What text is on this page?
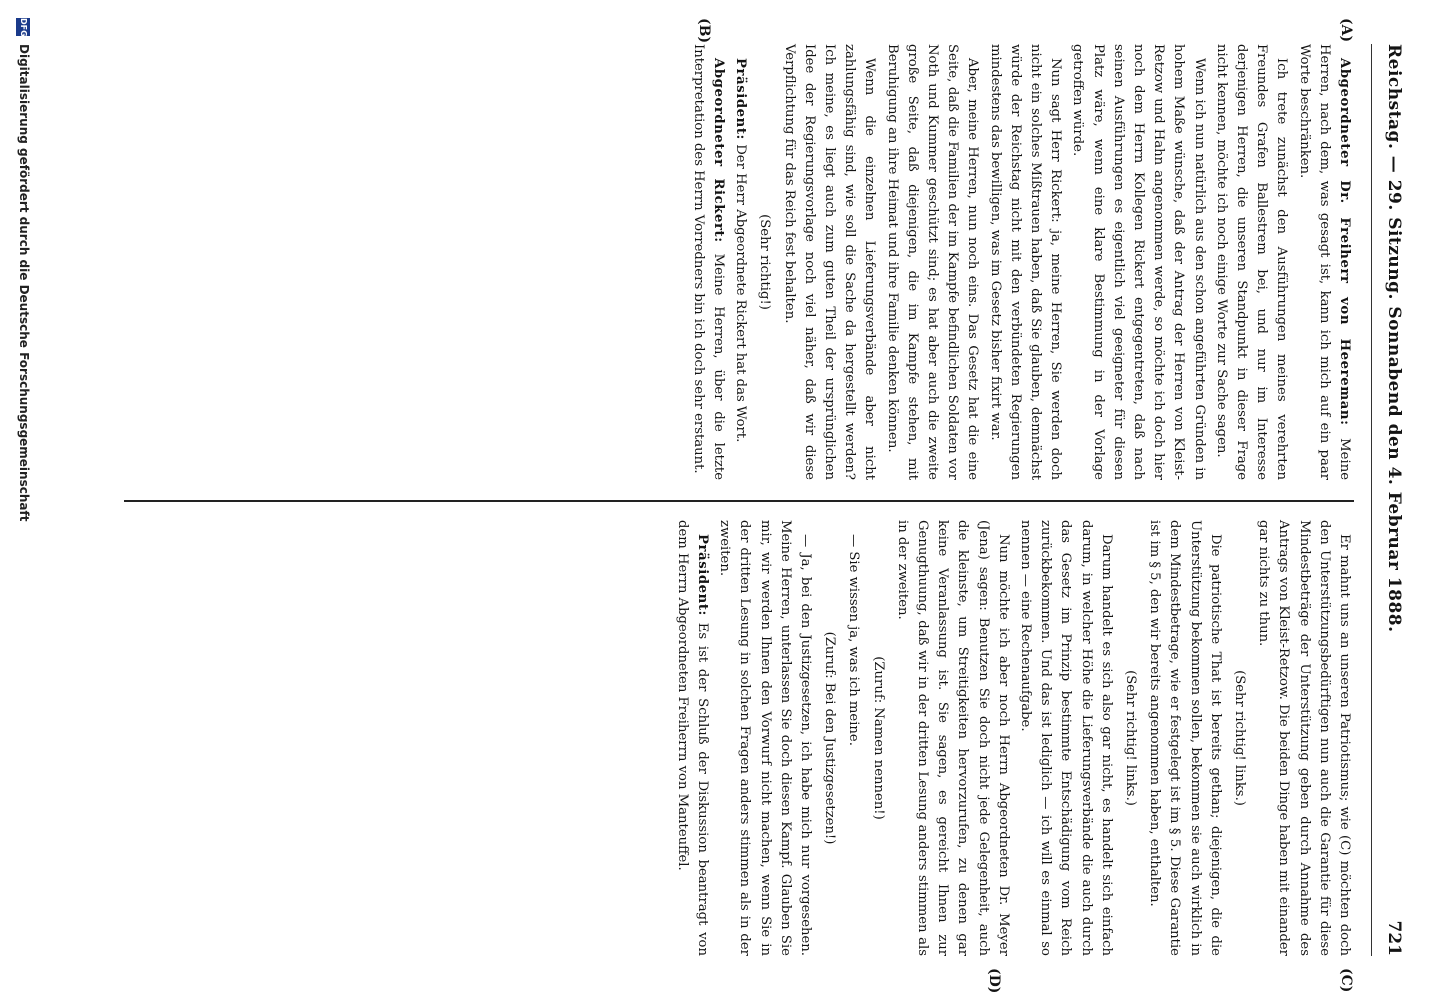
Reichstag. — 29. Sitzung. Sonnabend den 4. Februar 1888.
721
(A)
(B)
(C)
(D)

Abgeordneter Dr. Freiherr von Heereman: Meine Herren, nach dem, was gesagt ist, kann ich mich auf ein paar Worte beschränken.

Ich trete zunächst den Ausführungen meines verehrten Freundes Grafen Ballestrem bei, und nur im Interesse derjenigen Herren, die unseren Standpunkt in dieser Frage nicht kennen, möchte ich noch einige Worte zur Sache sagen.

Wenn ich nun natürlich aus den schon angeführten Gründen in hohem Maße wünsche, daß der Antrag der Herren von Kleist-Retzow und Hahn angenommen werde, so möchte ich doch hier noch dem Herrn Kollegen Rickert entgegentreten, daß nach seinen Ausführungen es eigentlich viel geeigneter für diesen Platz wäre, wenn eine klare Bestimmung in der Vorlage getroffen würde.

Nun sagt Herr Rickert: ja, meine Herren, Sie werden doch nicht ein solches Mißtrauen haben, daß Sie glauben, demnächst würde der Reichstag nicht mit den verbündeten Regierungen mindestens das bewilligen, was im Gesetz bisher fixirt war.

Aber, meine Herren, nun noch eins. Das Gesetz hat die eine Seite, daß die Familien der im Kampfe befindlichen Soldaten vor Noth und Kummer geschützt sind; es hat aber auch die zweite große Seite, daß diejenigen, die im Kampfe stehen, mit Beruhigung an ihre Heimat und ihre Familie denken können.

Wenn die einzelnen Lieferungsverbände aber nicht zahlungsfähig sind, wie soll die Sache da hergestellt werden? Ich meine, es liegt auch zum guten Theil der ursprünglichen Idee der Regierungsvorlage noch viel näher, daß wir diese Verpflichtung für das Reich fest behalten.

(Sehr richtig!)

Präsident: Der Herr Abgeordnete Rickert hat das Wort.

Abgeordneter Rickert: Meine Herren, über die letzte Interpretation des Herrn Vorredners bin ich doch sehr erstaunt.

Er mahnt uns an unseren Patriotismus; wie (C) möchten doch den Unterstützungsbedürftigen nun auch die Garantie für diese Mindestbeträge der Unterstützung geben durch Annahme des Antrags von Kleist-Retzow. Die beiden Dinge haben mit einander gar nichts zu thun.

(Sehr richtig! links.)

Die patriotische That ist bereits gethan; diejenigen, die die Unterstützung bekommen sollen, bekommen sie auch wirklich in dem Mindestbetrage, wie er festgelegt ist im § 5. Diese Garantie ist im § 5, den wir bereits angenommen haben, enthalten.

(Sehr richtig! links.)

Darum handelt es sich also gar nicht, es handelt sich einfach darum, in welcher Höhe die Lieferungsverbände die auch durch das Gesetz im Prinzip bestimmte Entschädigung vom Reich zurückbekommen. Und das ist lediglich — ich will es einmal so nennen — eine Rechenaufgabe.

Nun möchte ich aber noch Herrn Abgeordneten Dr. Meyer (Jena) sagen: Benutzen Sie doch nicht jede Gelegenheit, auch die kleinste, um Streitigkeiten hervorzurufen, zu denen gar keine Veranlassung ist. Sie sagen, es gereicht Ihnen zur Genugthuung, daß wir in der dritten Lesung anders stimmen als in der zweiten.

(Zuruf: Namen nennen!)

— Sie wissen ja, was ich meine.

(Zuruf: Bei den Justizgesetzen!)

— Ja, bei den Justizgesetzen, ich habe mich nur vorgesehen. Meine Herren, unterlassen Sie doch diesen Kampf. Glauben Sie mir, wir werden Ihnen den Vorwurf nicht machen, wenn Sie in der dritten Lesung in solchen Fragen anders stimmen als in der zweiten.

Präsident: Es ist der Schluß der Diskussion beantragt von dem Herrn Abgeordneten Freiherrn von Manteuffel.

DFG
Digitalisierung gefördert durch die Deutsche Forschungsgemeinschaft
